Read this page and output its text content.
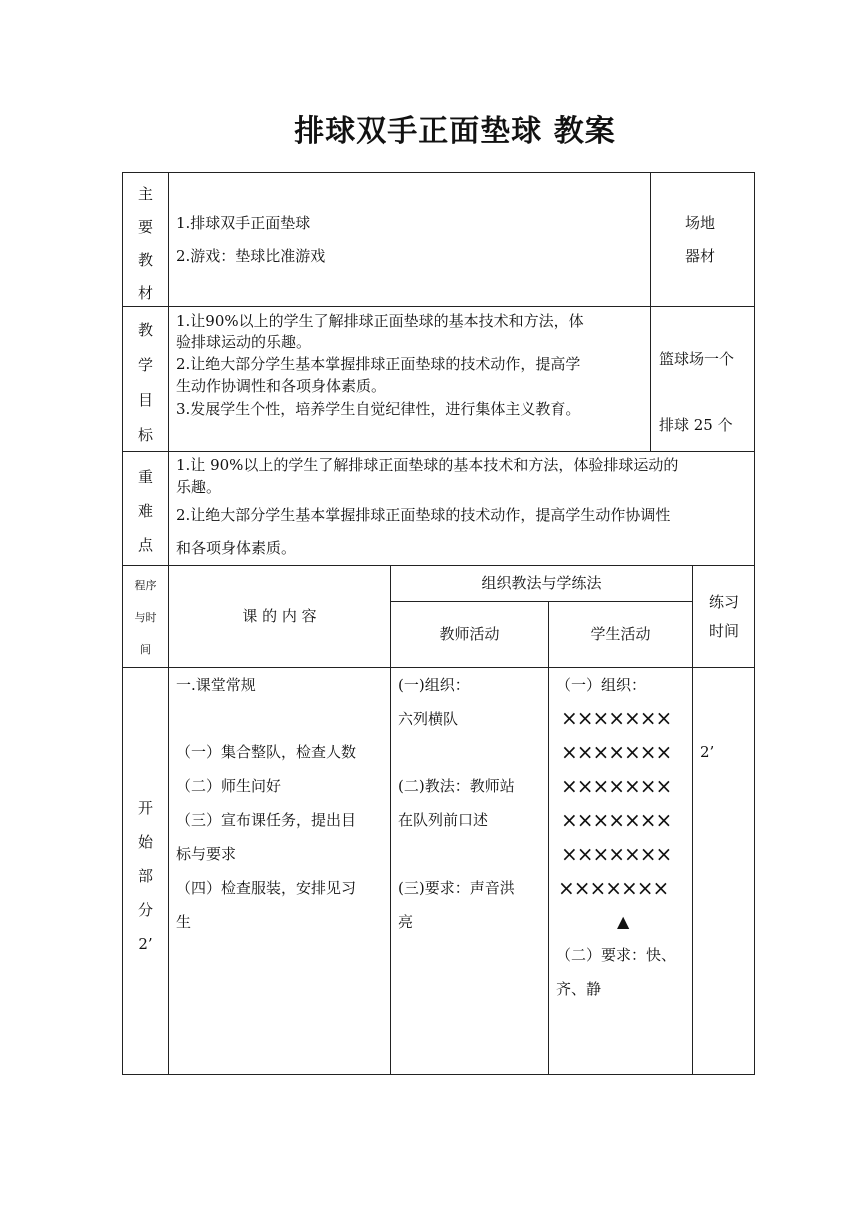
排球双手正面垫球 教案
主
要
教
材
1.排球双手正面垫球
2.游戏：垫球比准游戏
场地
器材
教
学
目
标
1.让90%以上的学生了解排球正面垫球的基本技术和方法，体
验排球运动的乐趣。
2.让绝大部分学生基本掌握排球正面垫球的技术动作，提高学
生动作协调性和各项身体素质。
3.发展学生个性，培养学生自觉纪律性，进行集体主义教育。
篮球场一个
排球 25 个
重
难
点
1.让 90%以上的学生了解排球正面垫球的基本技术和方法，体验排球运动的
乐趣。
2.让绝大部分学生基本掌握排球正面垫球的技术动作，提高学生动作协调性
和各项身体素质。
程序
与时
间
课 的 内 容
组织教法与学练法
教师活动	学生活动
练习
时间
开
始
部
分
2’
一.课堂常规
（一）集合整队，检查人数
（二）师生问好
（三）宣布课任务，提出目
标与要求
（四）检查服装，安排见习
生
(一)组织：
六列横队
(二)教法：教师站
在队列前口述
(三)要求：声音洪
亮
（一）组织：
×××××××
×××××××
×××××××
×××××××
×××××××
×××××××
▲
（二）要求：快、
齐、静
2’
